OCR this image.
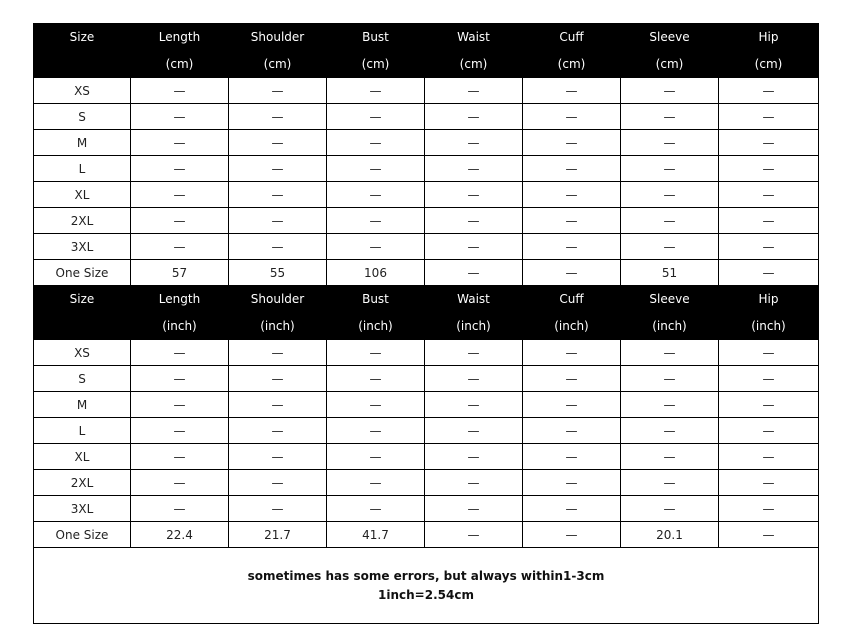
Size	Length	Shoulder	Bust	Waist	Cuff	Sleeve	Hip
	(cm)	(cm)	(cm)	(cm)	(cm)	(cm)	(cm)
XS	—	—	—	—	—	—	—
S	—	—	—	—	—	—	—
M	—	—	—	—	—	—	—
L	—	—	—	—	—	—	—
XL	—	—	—	—	—	—	—
2XL	—	—	—	—	—	—	—
3XL	—	—	—	—	—	—	—
One Size	57	55	106	—	—	51	—
Size	Length	Shoulder	Bust	Waist	Cuff	Sleeve	Hip
	(inch)	(inch)	(inch)	(inch)	(inch)	(inch)	(inch)
XS	—	—	—	—	—	—	—
S	—	—	—	—	—	—	—
M	—	—	—	—	—	—	—
L	—	—	—	—	—	—	—
XL	—	—	—	—	—	—	—
2XL	—	—	—	—	—	—	—
3XL	—	—	—	—	—	—	—
One Size	22.4	21.7	41.7	—	—	20.1	—

sometimes has some errors, but always within1-3cm
1inch=2.54cm							
